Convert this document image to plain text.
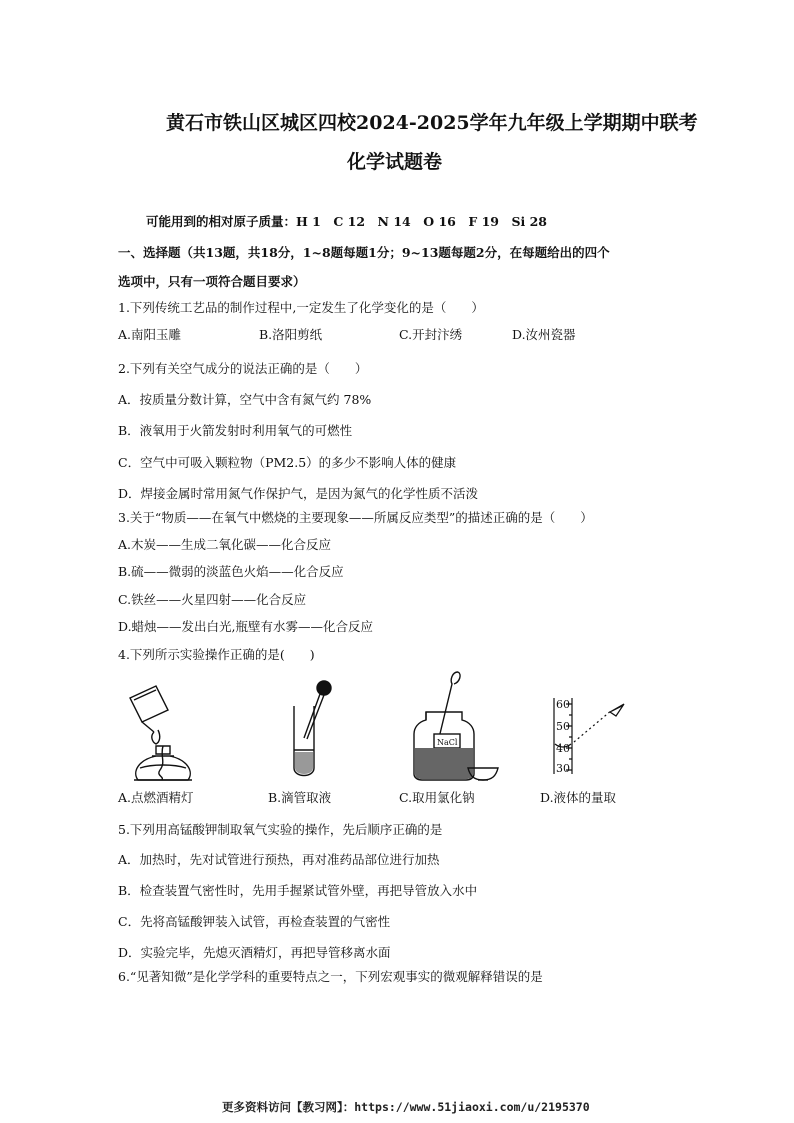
黄石市铁山区城区四校2024-2025学年九年级上学期期中联考
化学试题卷
可能用到的相对原子质量：H 1　C 12　N 14　O 16　F 19　Si 28
一、选择题（共13题，共18分，1~8题每题1分；9~13题每题2分，在每题给出的四个
选项中，只有一项符合题目要求）
1.下列传统工艺品的制作过程中,一定发生了化学变化的是（　　）
A.南阳玉雕	B.洛阳剪纸	C.开封汴绣	D.汝州瓷器
2.下列有关空气成分的说法正确的是（　　）
A．按质量分数计算，空气中含有氮气约 78%
B．液氧用于火箭发射时利用氧气的可燃性
C．空气中可吸入颗粒物（PM2.5）的多少不影响人体的健康
D．焊接金属时常用氮气作保护气，是因为氮气的化学性质不活泼
3.关于“物质——在氧气中燃烧的主要现象——所属反应类型”的描述正确的是（　　）
A.木炭——生成二氧化碳——化合反应
B.硫——微弱的淡蓝色火焰——化合反应
C.铁丝——火星四射——化合反应
D.蜡烛——发出白光,瓶壁有水雾——化合反应
4.下列所示实验操作正确的是(　　)
NaCl
60
50
40
30
A.点燃酒精灯	B.滴管取液	C.取用氯化钠	D.液体的量取
5.下列用高锰酸钾制取氧气实验的操作，先后顺序正确的是
A．加热时，先对试管进行预热，再对准药品部位进行加热
B．检查装置气密性时，先用手握紧试管外壁，再把导管放入水中
C．先将高锰酸钾装入试管，再检查装置的气密性
D．实验完毕，先熄灭酒精灯，再把导管移离水面
6.“见著知微”是化学学科的重要特点之一，下列宏观事实的微观解释错误的是
更多资料访问【教习网】：https://www.51jiaoxi.com/u/2195370
